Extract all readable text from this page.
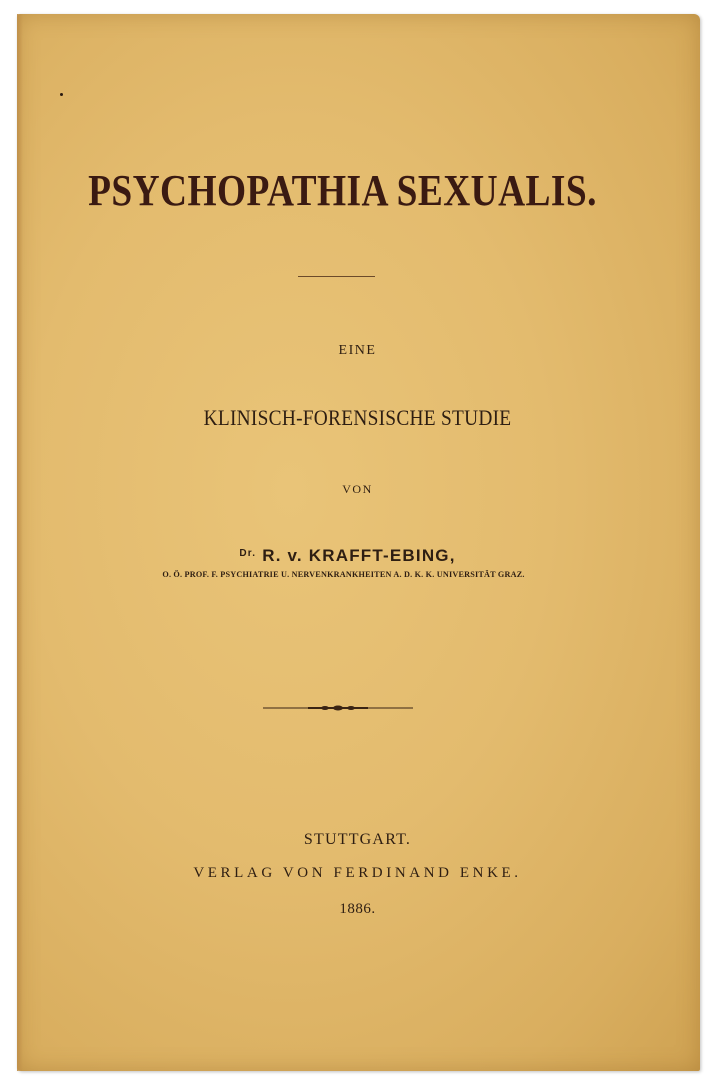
PSYCHOPATHIA SEXUALIS.

EINE

KLINISCH-FORENSISCHE STUDIE

VON

$^{Dr.}$ R. v. KRAFFT-EBING,

O. Ö. PROF. F. PSYCHIATRIE U. NERVENKRANKHEITEN A. D. K. K. UNIVERSITÄT GRAZ.

STUTTGART.

VERLAG VON FERDINAND ENKE.

1886.
